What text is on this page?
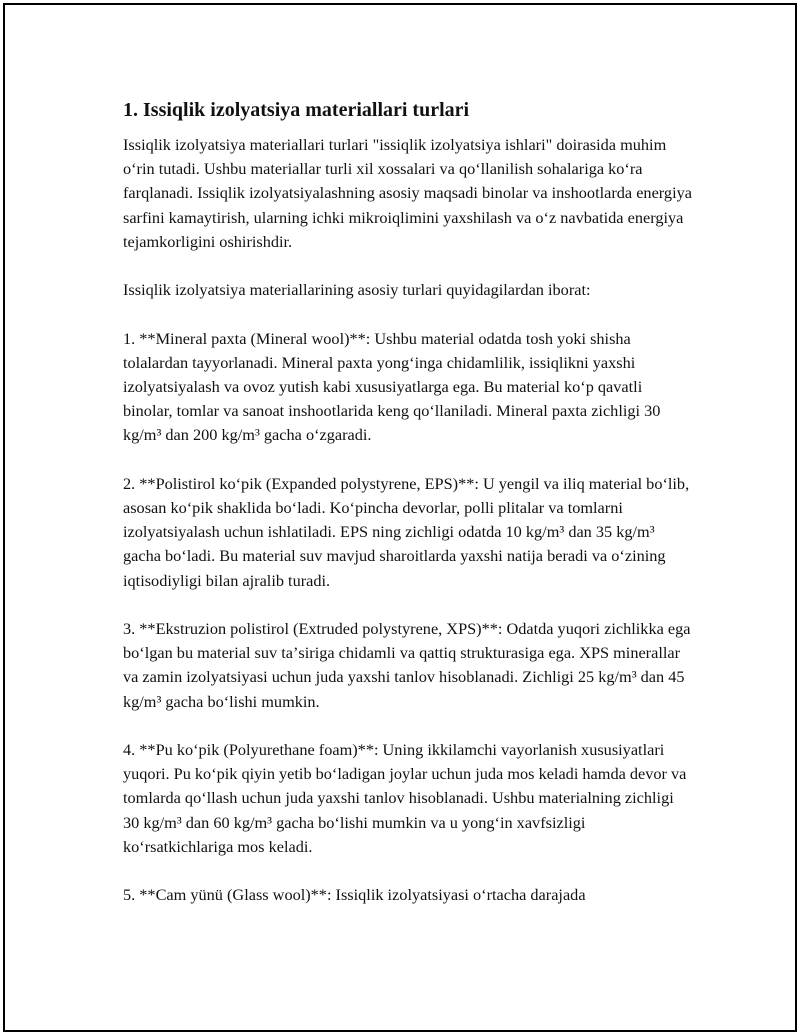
1. Issiqlik izolyatsiya materiallari turlari

Issiqlik izolyatsiya materiallari turlari "issiqlik izolyatsiya ishlari" doirasida muhim oʻrin tutadi. Ushbu materiallar turli xil xossalari va qoʻllanilish sohalariga koʻra farqlanadi. Issiqlik izolyatsiyalashning asosiy maqsadi binolar va inshootlarda energiya sarfini kamaytirish, ularning ichki mikroiqlimini yaxshilash va oʻz navbatida energiya tejamkorligini oshirishdir.

Issiqlik izolyatsiya materiallarining asosiy turlari quyidagilardan iborat:

1. **Mineral paxta (Mineral wool)**: Ushbu material odatda tosh yoki shisha tolalardan tayyorlanadi. Mineral paxta yongʻinga chidamlilik, issiqlikni yaxshi izolyatsiyalash va ovoz yutish kabi xususiyatlarga ega. Bu material koʻp qavatli binolar, tomlar va sanoat inshootlarida keng qoʻllaniladi. Mineral paxta zichligi 30 kg/m³ dan 200 kg/m³ gacha oʻzgaradi.

2. **Polistirol koʻpik (Expanded polystyrene, EPS)**: U yengil va iliq material boʻlib, asosan koʻpik shaklida boʻladi. Koʻpincha devorlar, polli plitalar va tomlarni izolyatsiyalash uchun ishlatiladi. EPS ning zichligi odatda 10 kg/m³ dan 35 kg/m³ gacha boʻladi. Bu material suv mavjud sharoitlarda yaxshi natija beradi va oʻzining iqtisodiyligi bilan ajralib turadi.

3. **Ekstruzion polistirol (Extruded polystyrene, XPS)**: Odatda yuqori zichlikka ega boʻlgan bu material suv taʼsiriga chidamli va qattiq strukturasiga ega. XPS minerallar va zamin izolyatsiyasi uchun juda yaxshi tanlov hisoblanadi. Zichligi 25 kg/m³ dan 45 kg/m³ gacha boʻlishi mumkin.

4. **Pu koʻpik (Polyurethane foam)**: Uning ikkilamchi vayorlanish xususiyatlari yuqori. Pu koʻpik qiyin yetib boʻladigan joylar uchun juda mos keladi hamda devor va tomlarda qoʻllash uchun juda yaxshi tanlov hisoblanadi. Ushbu materialning zichligi 30 kg/m³ dan 60 kg/m³ gacha boʻlishi mumkin va u yongʻin xavfsizligi koʻrsatkichlariga mos keladi.

5. **Cam yünü (Glass wool)**: Issiqlik izolyatsiyasi oʻrtacha darajada
